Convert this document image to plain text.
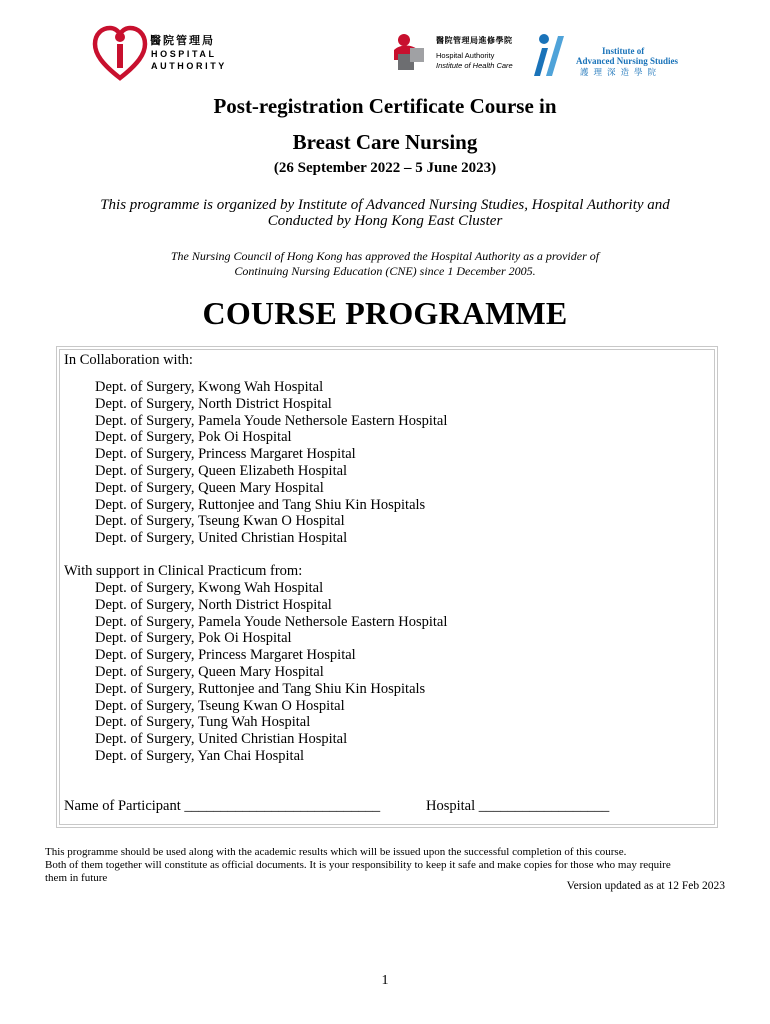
醫院管理局
HOSPITAL
AUTHORITY
醫院管理局進修學院
Hospital Authority
Institute of Health Care
Institute of
Advanced Nursing Studies
護理深造學院
Post-registration Certificate Course in
Breast Care Nursing
(26 September 2022 – 5 June 2023)
This programme is organized by Institute of Advanced Nursing Studies, Hospital Authority and
Conducted by Hong Kong East Cluster
The Nursing Council of Hong Kong has approved the Hospital Authority as a provider of
Continuing Nursing Education (CNE) since 1 December 2005.
COURSE PROGRAMME
In Collaboration with:
Dept. of Surgery, Kwong Wah Hospital
Dept. of Surgery, North District Hospital
Dept. of Surgery, Pamela Youde Nethersole Eastern Hospital
Dept. of Surgery, Pok Oi Hospital
Dept. of Surgery, Princess Margaret Hospital
Dept. of Surgery, Queen Elizabeth Hospital
Dept. of Surgery, Queen Mary Hospital
Dept. of Surgery, Ruttonjee and Tang Shiu Kin Hospitals
Dept. of Surgery, Tseung Kwan O Hospital
Dept. of Surgery, United Christian Hospital
With support in Clinical Practicum from:
Dept. of Surgery, Kwong Wah Hospital
Dept. of Surgery, North District Hospital
Dept. of Surgery, Pamela Youde Nethersole Eastern Hospital
Dept. of Surgery, Pok Oi Hospital
Dept. of Surgery, Princess Margaret Hospital
Dept. of Surgery, Queen Mary Hospital
Dept. of Surgery, Ruttonjee and Tang Shiu Kin Hospitals
Dept. of Surgery, Tseung Kwan O Hospital
Dept. of Surgery, Tung Wah Hospital
Dept. of Surgery, United Christian Hospital
Dept. of Surgery, Yan Chai Hospital
Name of Participant ___________________________	Hospital __________________
This programme should be used along with the academic results which will be issued upon the successful completion of this course.
Both of them together will constitute as official documents. It is your responsibility to keep it safe and make copies for those who may require
them in future
Version updated as at 12 Feb 2023
1
